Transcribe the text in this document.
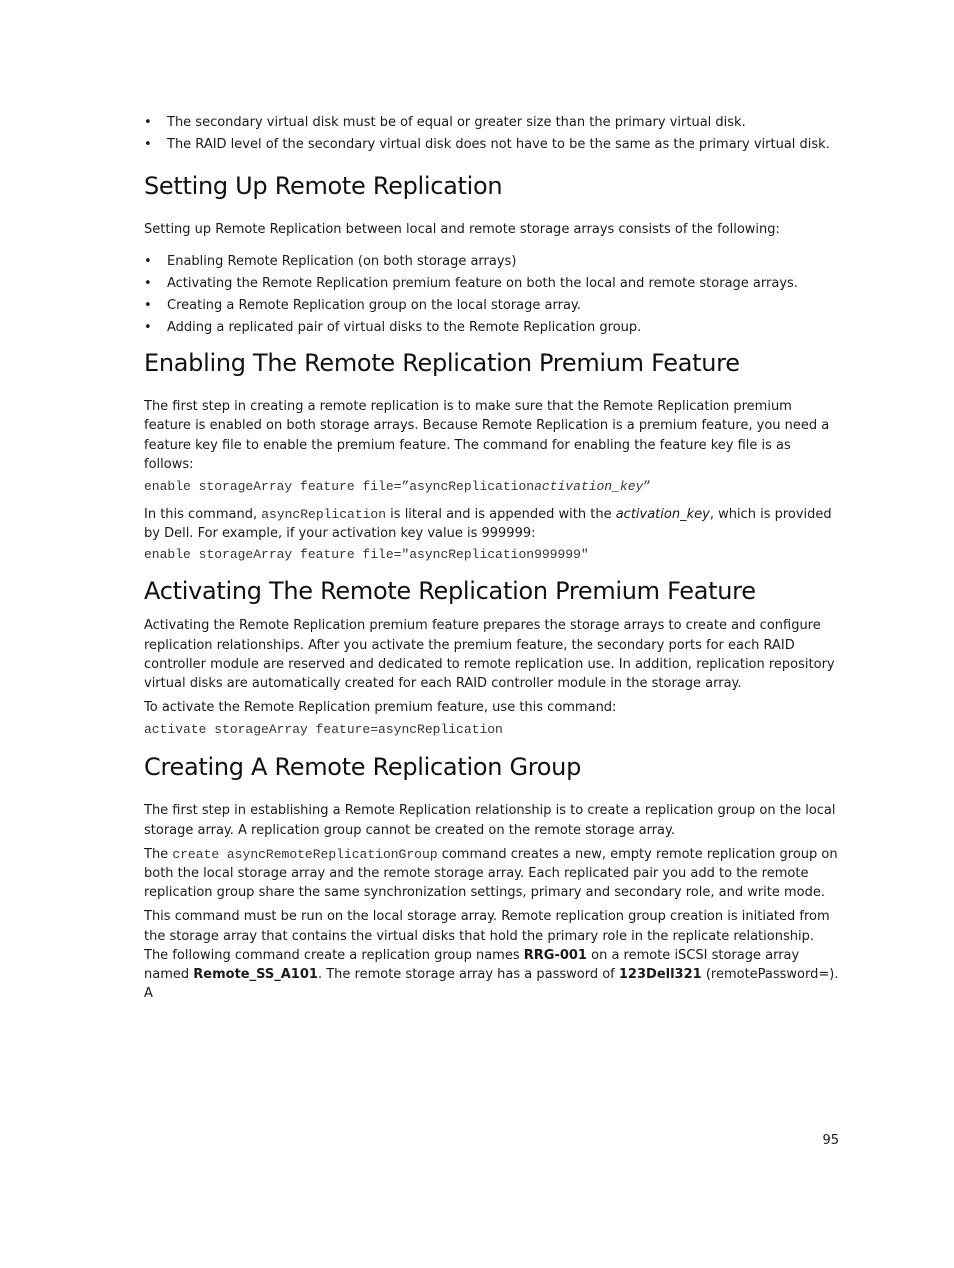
• The secondary virtual disk must be of equal or greater size than the primary virtual disk.
• The RAID level of the secondary virtual disk does not have to be the same as the primary virtual disk.
Setting Up Remote Replication

Setting up Remote Replication between local and remote storage arrays consists of the following:

• Enabling Remote Replication (on both storage arrays)
• Activating the Remote Replication premium feature on both the local and remote storage arrays.
• Creating a Remote Replication group on the local storage array.
• Adding a replicated pair of virtual disks to the Remote Replication group.
Enabling The Remote Replication Premium Feature

The first step in creating a remote replication is to make sure that the Remote Replication premium feature is enabled on both storage arrays. Because Remote Replication is a premium feature, you need a feature key file to enable the premium feature. The command for enabling the feature key file is as follows:

enable storageArray feature file=”asyncReplicationactivation_key”

In this command, asyncReplication is literal and is appended with the activation_key, which is provided by Dell. For example, if your activation key value is 999999:

enable storageArray feature file="asyncReplication999999"
Activating The Remote Replication Premium Feature

Activating the Remote Replication premium feature prepares the storage arrays to create and configure replication relationships. After you activate the premium feature, the secondary ports for each RAID controller module are reserved and dedicated to remote replication use. In addition, replication repository virtual disks are automatically created for each RAID controller module in the storage array.

To activate the Remote Replication premium feature, use this command:

activate storageArray feature=asyncReplication
Creating A Remote Replication Group

The first step in establishing a Remote Replication relationship is to create a replication group on the local storage array. A replication group cannot be created on the remote storage array.

The create asyncRemoteReplicationGroup command creates a new, empty remote replication group on both the local storage array and the remote storage array. Each replicated pair you add to the remote replication group share the same synchronization settings, primary and secondary role, and write mode.

This command must be run on the local storage array. Remote replication group creation is initiated from the storage array that contains the virtual disks that hold the primary role in the replicate relationship. The following command create a replication group names RRG-001 on a remote iSCSI storage array named Remote_SS_A101. The remote storage array has a password of 123Dell321 (remotePassword=). A

95
